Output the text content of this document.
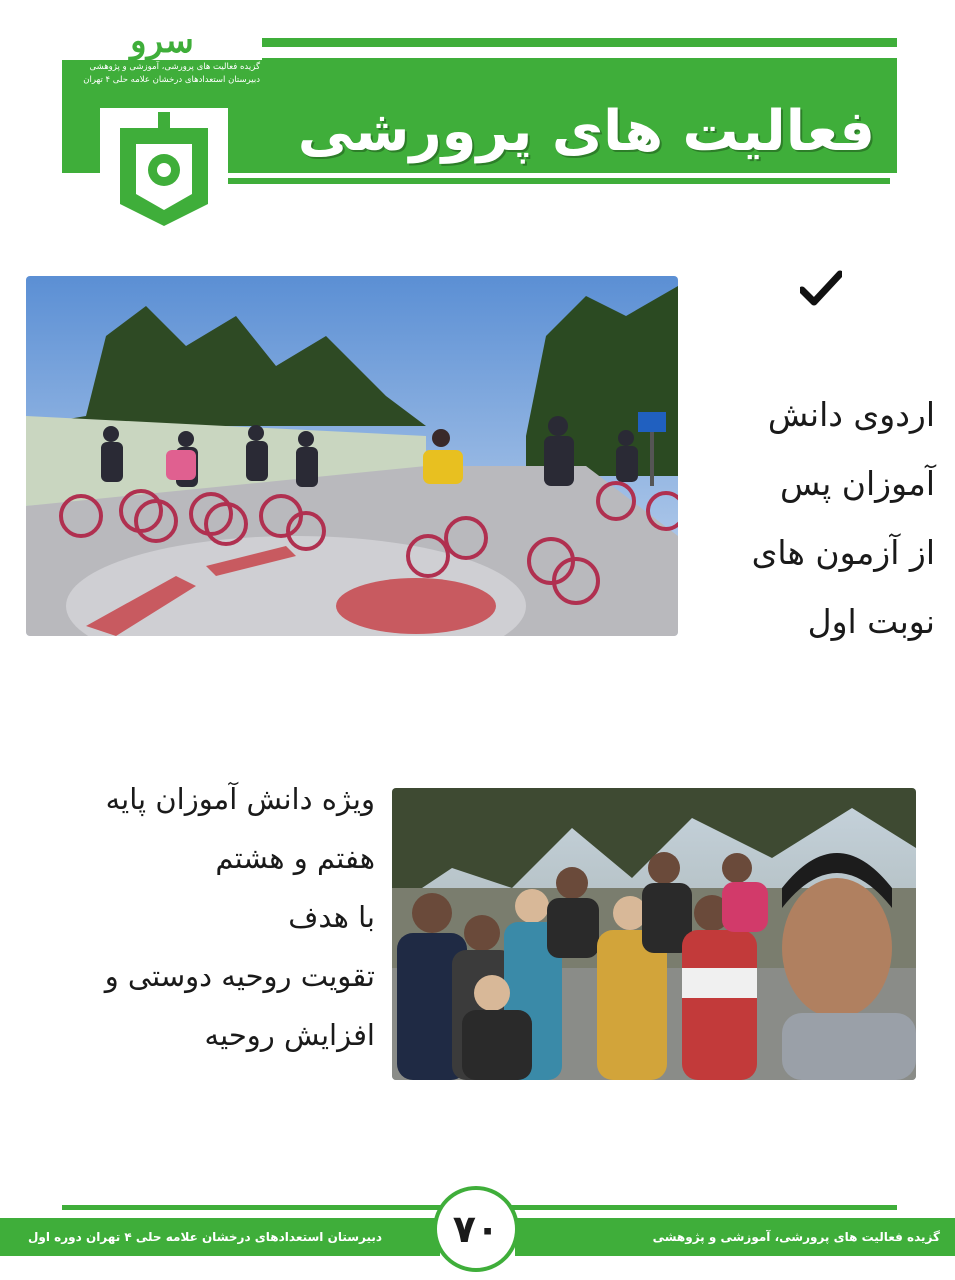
سرو
گزیده فعالیت های پرورشی، آموزشی و پژوهشی
دبیرستان استعدادهای درخشان علامه حلی ۴ تهران
فعالیت های پرورشی
اردوی دانش
آموزان پس
از آزمون های
نوبت اول
ویژه دانش آموزان پایه
هفتم و هشتم
با هدف
تقویت روحیه دوستی و
افزایش روحیه
دبیرستان استعدادهای درخشان علامه حلی ۴ تهران دوره اول	گزیده فعالیت های پرورشی، آموزشی و پژوهشی
۷۰
